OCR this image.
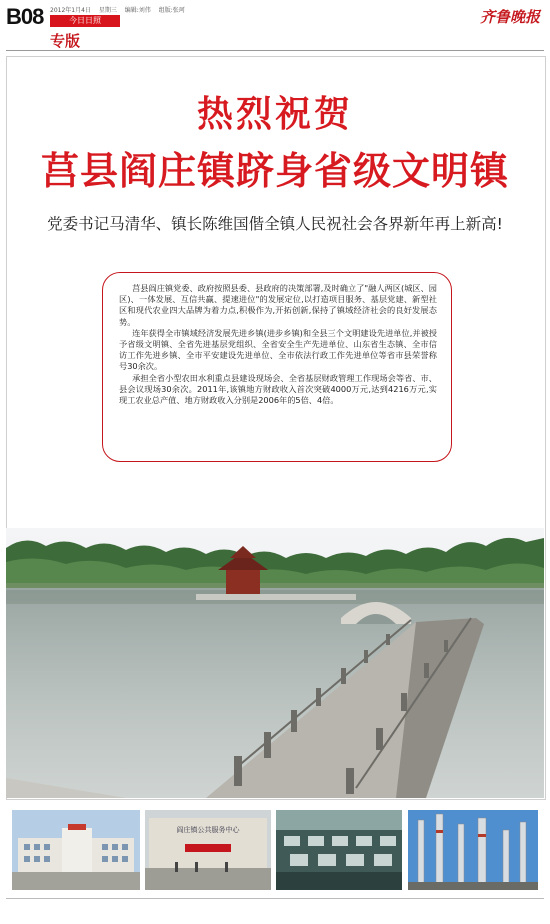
B08 2012年1月4日 星期三 编辑:刘伟 组版:张珂
今日日照
专版
齐鲁晚报
热烈祝贺
莒县阎庄镇跻身省级文明镇
党委书记马清华、镇长陈维国偕全镇人民祝社会各界新年再上新高!

莒县阎庄镇党委、政府按照县委、县政府的决策部署,及时确立了"融人两区(城区、园区)、一体发展、互信共赢、提速进位"的发展定位,以打造项目服务、基层党建、新型社区和现代农业四大品牌为着力点,积极作为,开拓创新,保持了镇域经济社会的良好发展态势。

连年获得全市镇域经济发展先进乡镇(进步乡镇)和全县三个文明建设先进单位,并被授予省级文明镇、全省先进基层党组织、全省安全生产先进单位、山东省生态镇、全市信访工作先进乡镇、全市平安建设先进单位、全市依法行政工作先进单位等省市县荣誉称号30余次。

承担全省小型农田水利重点县建设现场会、全省基层财政管理工作现场会等省、市、县会议现场30余次。2011年,该镇地方财政收入首次突破4000万元,达到4216万元,实现工农业总产值、地方财政收入分别是2006年的5倍、4倍。

阎庄镇公共服务中心
